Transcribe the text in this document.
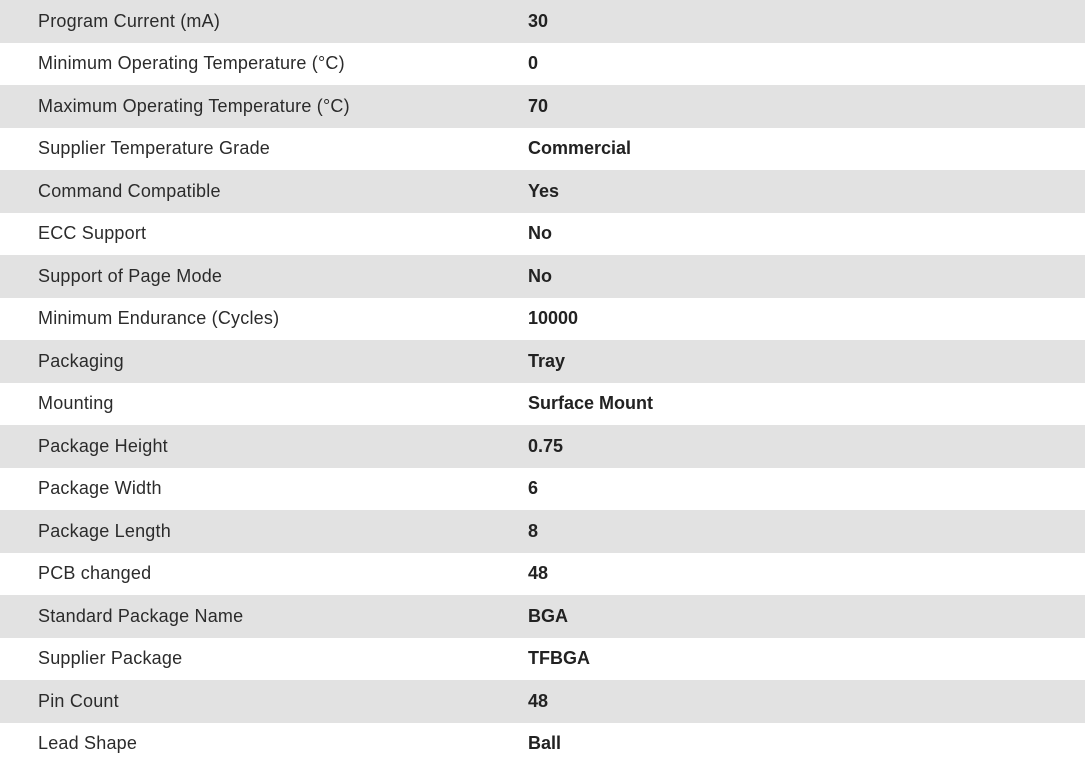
Program Current (mA)	30
Minimum Operating Temperature (°C)	0
Maximum Operating Temperature (°C)	70
Supplier Temperature Grade	Commercial
Command Compatible	Yes
ECC Support	No
Support of Page Mode	No
Minimum Endurance (Cycles)	10000
Packaging	Tray
Mounting	Surface Mount
Package Height	0.75
Package Width	6
Package Length	8
PCB changed	48
Standard Package Name	BGA
Supplier Package	TFBGA
Pin Count	48
Lead Shape	Ball
